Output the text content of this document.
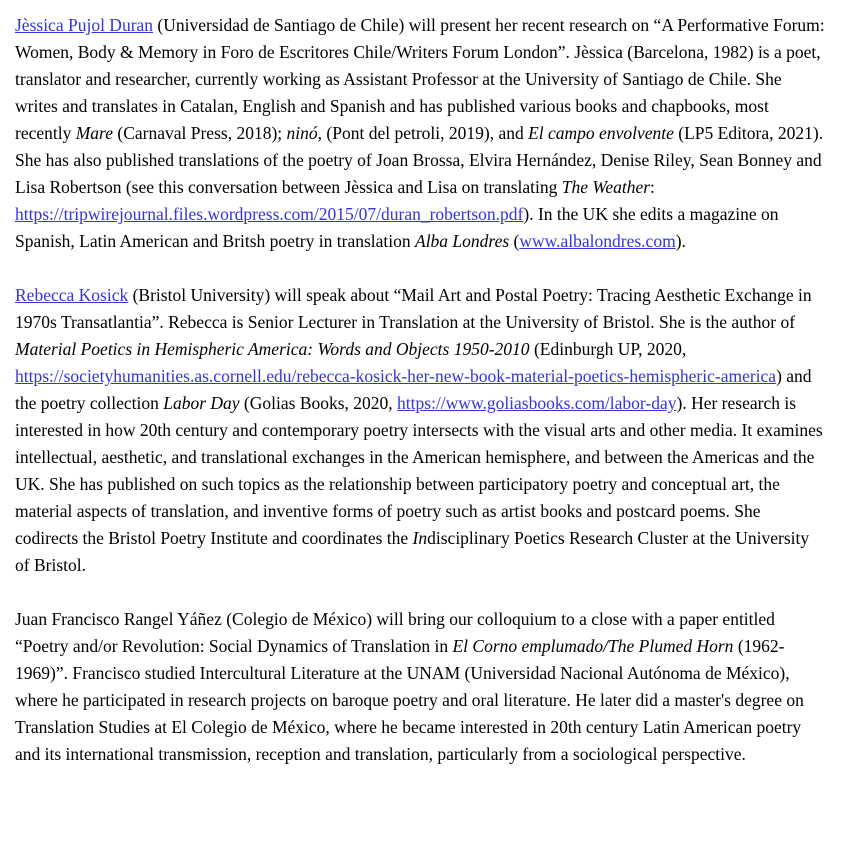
Jèssica Pujol Duran (Universidad de Santiago de Chile) will present her recent research on “A Performative Forum: Women, Body & Memory in Foro de Escritores Chile/Writers Forum London”. Jèssica (Barcelona, 1982) is a poet, translator and researcher, currently working as Assistant Professor at the University of Santiago de Chile. She writes and translates in Catalan, English and Spanish and has published various books and chapbooks, most recently Mare (Carnaval Press, 2018); ninó, (Pont del petroli, 2019), and El campo envolvente (LP5 Editora, 2021). She has also published translations of the poetry of Joan Brossa, Elvira Hernández, Denise Riley, Sean Bonney and Lisa Robertson (see this conversation between Jèssica and Lisa on translating The Weather: https://tripwirejournal.files.wordpress.com/2015/07/duran_robertson.pdf). In the UK she edits a magazine on Spanish, Latin American and Britsh poetry in translation Alba Londres (www.albalondres.com).

Rebecca Kosick (Bristol University) will speak about “Mail Art and Postal Poetry: Tracing Aesthetic Exchange in 1970s Transatlantia”. Rebecca is Senior Lecturer in Translation at the University of Bristol. She is the author of Material Poetics in Hemispheric America: Words and Objects 1950-2010 (Edinburgh UP, 2020, https://societyhumanities.as.cornell.edu/rebecca-kosick-her-new-book-material-poetics-hemispheric-america) and the poetry collection Labor Day (Golias Books, 2020, https://www.goliasbooks.com/labor-day). Her research is interested in how 20th century and contemporary poetry intersects with the visual arts and other media. It examines intellectual, aesthetic, and translational exchanges in the American hemisphere, and between the Americas and the UK. She has published on such topics as the relationship between participatory poetry and conceptual art, the material aspects of translation, and inventive forms of poetry such as artist books and postcard poems. She codirects the Bristol Poetry Institute and coordinates the Indisciplinary Poetics Research Cluster at the University of Bristol.

Juan Francisco Rangel Yáñez (Colegio de México) will bring our colloquium to a close with a paper entitled “Poetry and/or Revolution: Social Dynamics of Translation in El Corno emplumado/The Plumed Horn (1962-1969)”. Francisco studied Intercultural Literature at the UNAM (Universidad Nacional Autónoma de México), where he participated in research projects on baroque poetry and oral literature. He later did a master's degree on Translation Studies at El Colegio de México, where he became interested in 20th century Latin American poetry and its international transmission, reception and translation, particularly from a sociological perspective.
